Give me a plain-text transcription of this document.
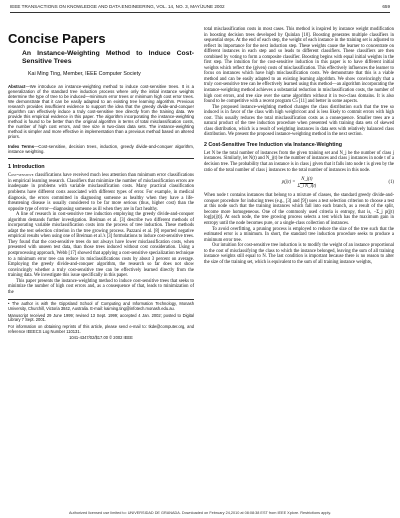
IEEE TRANSACTIONS ON KNOWLEDGE AND DATA ENGINEERING, VOL. 14, NO. 3, MAY/JUNE 2002	659
Concise Papers
An Instance-Weighting Method to Induce Cost-Sensitive Trees
Kai Ming Ting, Member, IEEE Computer Society
Abstract—We introduce an instance-weighting method to induce cost-sensitive trees. It is a generalization of the standard tree induction process where only the initial instance weights determine the type of tree to be induced—minimum error trees or minimum high cost error trees. We demonstrate that it can be easily adapted to an existing tree learning algorithm. Previous research provides insufficient evidence to support the idea that the greedy divide-and-conquer algorithm can effectively induce a truly cost-sensitive tree directly from the training data. We provide this empirical evidence in this paper. The algorithm incorporating the instance-weighting method is found to be better than the original algorithm in terms of total misclassification costs, the number of high cost errors, and tree size in two-class data sets. The instance-weighting method is simpler and more effective in implementation than a previous method based on altered priors.
Index Terms—Cost-sensitive, decision trees, induction, greedy divide-and-conquer algorithm, instance weighting.
1 Introduction

Cost-sensitive classifications have received much less attention than minimum error classifications in empirical learning research. Classifiers that minimize the number of misclassification errors are inadequate in problems with variable misclassification costs. Many practical classification problems have different costs associated with different types of error. For example, in medical diagnosis, the errors committed in diagnosing someone as healthy when they have a life-threatening disease is usually considered to be far more serious (thus, higher cost) than the opposite type of error—diagnosing someone as ill when they are in fact healthy.

A line of research in cost-sensitive tree induction employing the greedy divide-and-conquer algorithm demands further investigation. Breiman et al. [3] describe two different methods of incorporating variable misclassification costs into the process of tree induction. These methods adapt the test selection criterion in the tree growing process. Pazzani et al. [8] reported negative empirical results when using one of Breiman et al.'s [3] formulations to induce cost-sensitive trees. They found that the cost-sensitive trees do not always have lower misclassification costs, when presented with unseen test data, than those trees induced without cost consideration. Using a postprocessing approach, Webb [17] showed that applying a cost-sensitive specialization technique to a minimum error tree can reduce its misclassifications costs by about 3 percent on average. Employing the greedy divide-and-conquer algorithm, the research so far does not show convincingly whether a truly cost-sensitive tree can be effectively learned directly from the training data. We investigate this issue specifically in this paper.

This paper presents the instance-weighting method to induce cost-sensitive trees that seeks to minimize the number of high cost errors and, as a consequence of that, leads to minimization of the

• The author is with the Gippsland School of Computing and Information Technology, Monash University, Churchill, Victoria 3842, Australia. E-mail: kaiming.ting@infotech.monash.edu.au.
Manuscript received 29 June 1999; revised 13 Sept. 1999; accepted 4 Jan. 2002; posted to Digital Library 7 Sept. 2001.
For information on obtaining reprints of this article, please send e-mail to: tkde@computer.org, and reference IEEECS Log Number 110131.
1041-4347/02/$17.00 © 2002 IEEE

total misclassification costs in most cases. This method is inspired by instance weight modification in boosting decision trees developed by Quinlan [10]. Boosting generates multiple classifiers in sequential steps. At the end of each step, the weight of each instance in the training set is adjusted to reflect its importance for the next induction step. These weights cause the learner to concentrate on different instances in each step and so leads to different classifiers. These classifiers are then combined by voting to form a composite classifier. Boosting begins with equal initial weights in the first step. The intuition for the cost-sensitive induction in this paper is to have different initial weights which reflect the (given) costs of misclassification. This effectively influences the learner to focus on instances which have high misclassification costs. We demonstrate that this is a viable method and can be easily adapted to an existing learning algorithm. We show convincingly that a truly cost-sensitive tree can be effectively learned using this method—an algorithm incorporating the instance-weighting method achieves a substantial reduction in misclassification costs, the number of high cost errors, and tree size over the same algorithm without it in two-class domains. It is also found to be competitive with a recent program C5 [11] and better in some aspects.

The proposed instance-weighting method changes the class distribution such that the tree so induced is in favor of the class with high weight/cost and is less likely to commit errors with high cost. This usually reduces the total misclassification costs as a consequence. Smaller trees are a natural product of the tree induction procedure when presented with training data sets of skewed class distribution, which is a result of weighting instances in data sets with relatively balanced class distribution. We present the proposed instance-weighting method in the next section.

2 Cost-Sensitive Tree Induction via Instance-Weighting

Let N be the total number of instances from the given training set and N_j be the number of class j instances. Similarly, let N(t) and N_j(t) be the number of instances and class j instances in node t of a decision tree. The probability that an instance is in class j given that it falls into node t is given by the ratio of the total number of class j instances to the total number of instances in this node.

$p(j|t) = \frac{N\_j(t)}{\text{Σ\_i N\_i(t)}}$	(1)

When node t contains instances that belong to a mixture of classes, the standard greedy divide-and-conquer procedure for inducing trees (e.g., [3] and [9]) uses a test selection criterion to choose a test at this node such that the training instances which fall into each branch, as a result of the split, become more homogeneous. One of the commonly used criteria is entropy, that is, −Σ_j p(j|t) log[p(j|t)]. At each node, the tree growing process selects a test which has the maximum gain in entropy until the node becomes pure, or a single-class collection of instances.

To avoid overfitting, a pruning process is employed to reduce the size of the tree such that the estimated error is a minimum. In short, the standard tree induction procedure seeks to produce a minimum error tree.

Our intuition for cost-sensitive tree induction is to modify the weight of an instance proportional to the cost of misclassifying the class to which the instance belonged, leaving the sum of all training instance weights still equal to N. The last condition is important because there is no reason to alter the size of the training set, which is equivalent to the sum of all training instance weights,

Authorized licensed use limited to: UNIVERSIDAD DE GRANADA. Downloaded on February 24,2010 at 08:08:38 EST from IEEE Xplore. Restrictions apply.
